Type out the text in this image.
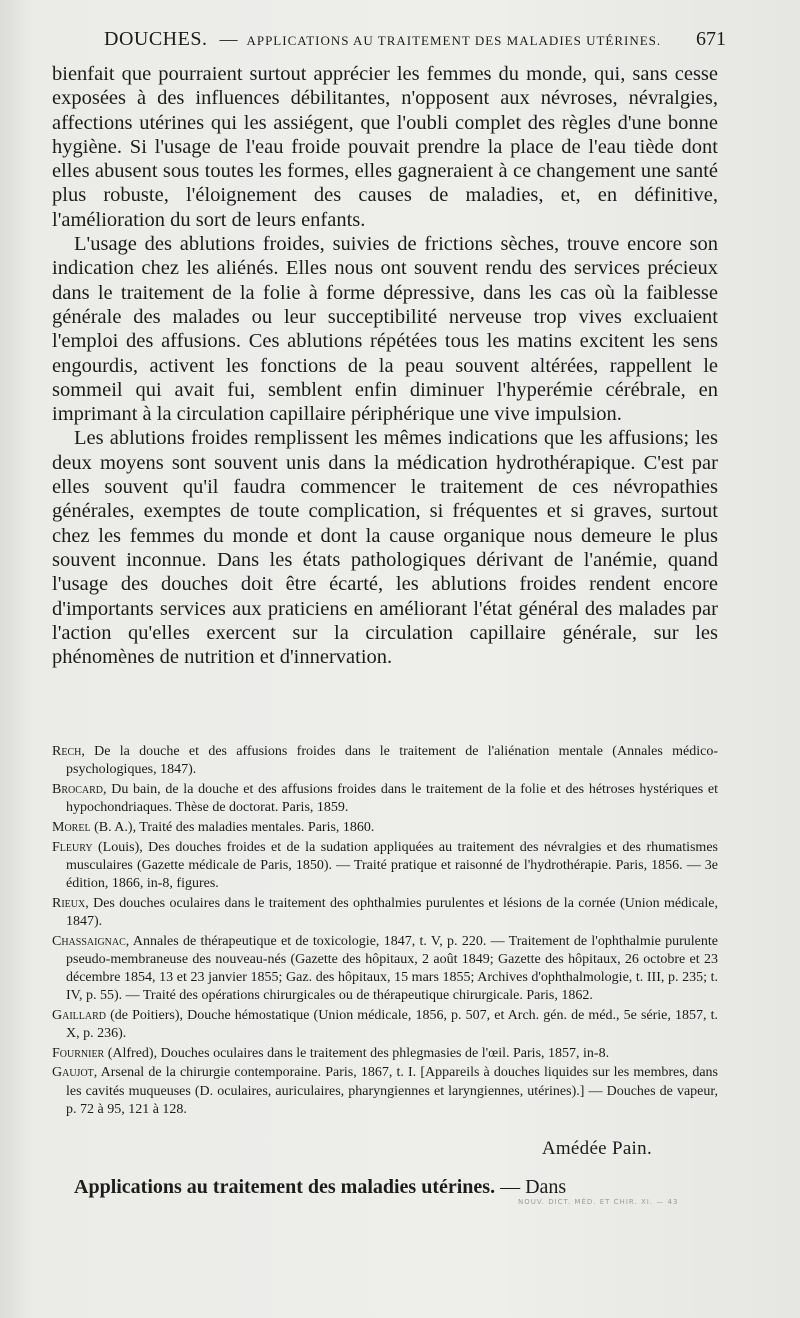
DOUCHES. — APPLICATIONS AU TRAITEMENT DES MALADIES UTÉRINES. 671

bienfait que pourraient surtout apprécier les femmes du monde, qui, sans cesse exposées à des influences débilitantes, n'opposent aux névroses, névralgies, affections utérines qui les assiégent, que l'oubli complet des règles d'une bonne hygiène. Si l'usage de l'eau froide pouvait prendre la place de l'eau tiède dont elles abusent sous toutes les formes, elles gagneraient à ce changement une santé plus robuste, l'éloignement des causes de maladies, et, en définitive, l'amélioration du sort de leurs enfants.

L'usage des ablutions froides, suivies de frictions sèches, trouve encore son indication chez les aliénés. Elles nous ont souvent rendu des services précieux dans le traitement de la folie à forme dépressive, dans les cas où la faiblesse générale des malades ou leur succeptibilité nerveuse trop vives excluaient l'emploi des affusions. Ces ablutions répétées tous les matins excitent les sens engourdis, activent les fonctions de la peau souvent altérées, rappellent le sommeil qui avait fui, semblent enfin diminuer l'hyperémie cérébrale, en imprimant à la circulation capillaire périphérique une vive impulsion.

Les ablutions froides remplissent les mêmes indications que les affusions; les deux moyens sont souvent unis dans la médication hydrothérapique. C'est par elles souvent qu'il faudra commencer le traitement de ces névropathies générales, exemptes de toute complication, si fréquentes et si graves, surtout chez les femmes du monde et dont la cause organique nous demeure le plus souvent inconnue. Dans les états pathologiques dérivant de l'anémie, quand l'usage des douches doit être écarté, les ablutions froides rendent encore d'importants services aux praticiens en améliorant l'état général des malades par l'action qu'elles exercent sur la circulation capillaire générale, sur les phénomènes de nutrition et d'innervation.

Rech, De la douche et des affusions froides dans le traitement de l'aliénation mentale (Annales médico-psychologiques, 1847).

Brocard, Du bain, de la douche et des affusions froides dans le traitement de la folie et des hétroses hystériques et hypochondriaques. Thèse de doctorat. Paris, 1859.

Morel (B. A.), Traité des maladies mentales. Paris, 1860.

Fleury (Louis), Des douches froides et de la sudation appliquées au traitement des névralgies et des rhumatismes musculaires (Gazette médicale de Paris, 1850). — Traité pratique et raisonné de l'hydrothérapie. Paris, 1856. — 3e édition, 1866, in-8, figures.

Rieux, Des douches oculaires dans le traitement des ophthalmies purulentes et lésions de la cornée (Union médicale, 1847).

Chassaignac, Annales de thérapeutique et de toxicologie, 1847, t. V, p. 220. — Traitement de l'ophthalmie purulente pseudo-membraneuse des nouveau-nés (Gazette des hôpitaux, 2 août 1849; Gazette des hôpitaux, 26 octobre et 23 décembre 1854, 13 et 23 janvier 1855; Gaz. des hôpitaux, 15 mars 1855; Archives d'ophthalmologie, t. III, p. 235; t. IV, p. 55). — Traité des opérations chirurgicales ou de thérapeutique chirurgicale. Paris, 1862.

Gaillard (de Poitiers), Douche hémostatique (Union médicale, 1856, p. 507, et Arch. gén. de méd., 5e série, 1857, t. X, p. 236).

Fournier (Alfred), Douches oculaires dans le traitement des phlegmasies de l'œil. Paris, 1857, in-8.

Gaujot, Arsenal de la chirurgie contemporaine. Paris, 1867, t. I. [Appareils à douches liquides sur les membres, dans les cavités muqueuses (D. oculaires, auriculaires, pharyngiennes et laryngiennes, utérines).] — Douches de vapeur, p. 72 à 95, 121 à 128.

Amédée Pain.
Applications au traitement des maladies utérines. — Dans
NOUV. DICT. MÉD. ET CHIR. XI. — 43
